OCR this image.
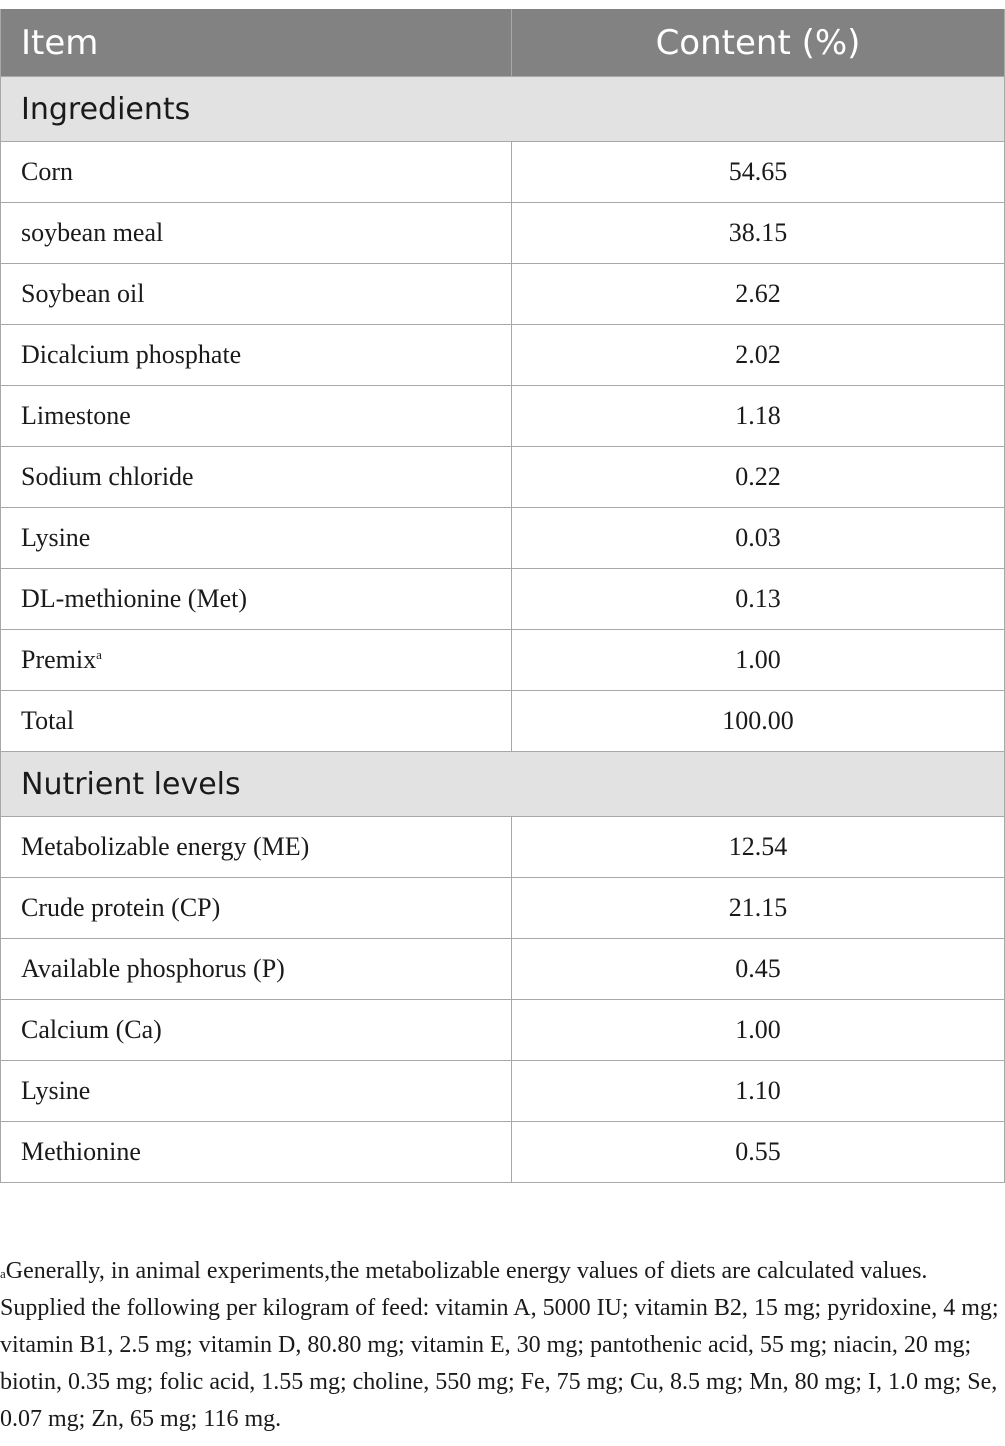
Item	Content (%)
Ingredients	
Corn	54.65
soybean meal	38.15
Soybean oil	2.62
Dicalcium phosphate	2.02
Limestone	1.18
Sodium chloride	0.22
Lysine	0.03
DL-methionine (Met)	0.13
Premix$^a$	1.00
Total	100.00
Nutrient levels	
Metabolizable energy (ME)	12.54
Crude protein (CP)	21.15
Available phosphorus (P)	0.45
Calcium (Ca)	1.00
Lysine	1.10
Methionine	0.55
$^a$Generally, in animal experiments,the metabolizable energy values of diets are calculated values. Supplied the following per kilogram of feed: vitamin A, 5000 IU; vitamin B2, 15 mg; pyridoxine, 4 mg; vitamin B1, 2.5 mg; vitamin D, 80.80 mg; vitamin E, 30 mg; pantothenic acid, 55 mg; niacin, 20 mg; biotin, 0.35 mg; folic acid, 1.55 mg; choline, 550 mg; Fe, 75 mg; Cu, 8.5 mg; Mn, 80 mg; I, 1.0 mg; Se, 0.07 mg; Zn, 65 mg; 116 mg.
